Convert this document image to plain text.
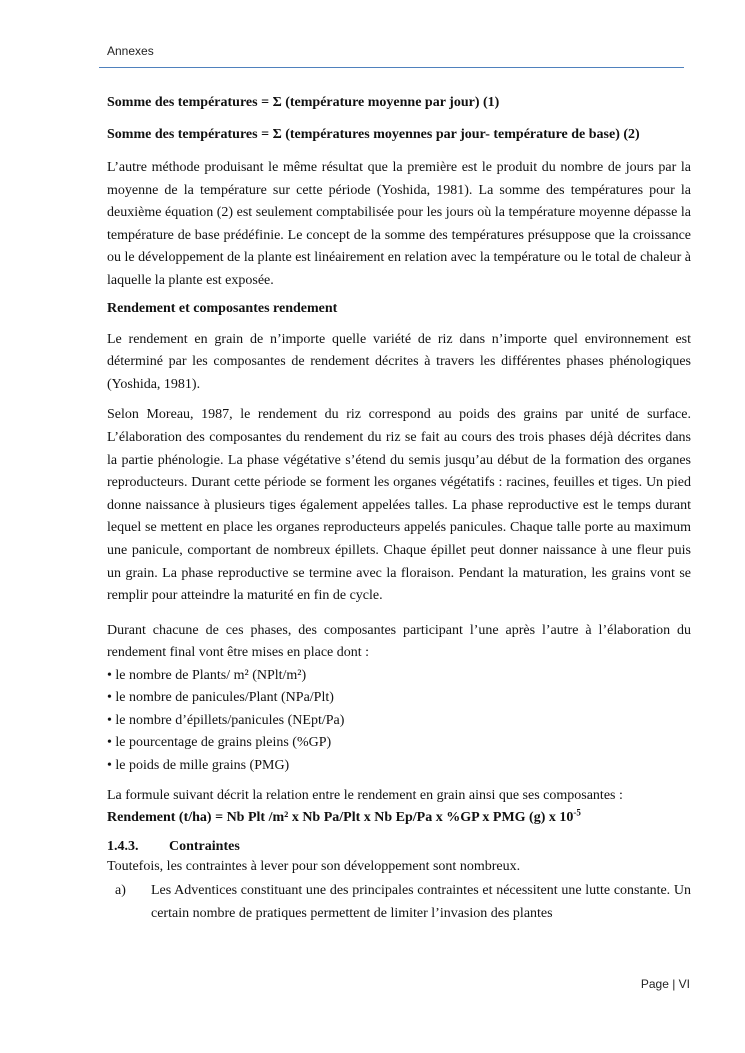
Annexes

Somme des températures = Σ (température moyenne par jour) (1)

Somme des températures = Σ (températures moyennes par jour- température de base) (2)

L’autre méthode produisant le même résultat que la première est le produit du nombre de jours par la moyenne de la température sur cette période (Yoshida, 1981). La somme des températures pour la deuxième équation (2) est seulement comptabilisée pour les jours où la température moyenne dépasse la température de base prédéfinie. Le concept de la somme des températures présuppose que la croissance ou le développement de la plante est linéairement en relation avec la température ou le total de chaleur à laquelle la plante est exposée.

Rendement et composantes rendement

Le rendement en grain de n’importe quelle variété de riz dans n’importe quel environnement est déterminé par les composantes de rendement décrites à travers les différentes phases phénologiques (Yoshida, 1981).

Selon Moreau, 1987, le rendement du riz correspond au poids des grains par unité de surface. L’élaboration des composantes du rendement du riz se fait au cours des trois phases déjà décrites dans la partie phénologie. La phase végétative s’étend du semis jusqu’au début de la formation des organes reproducteurs. Durant cette période se forment les organes végétatifs : racines, feuilles et tiges. Un pied donne naissance à plusieurs tiges également appelées talles. La phase reproductive est le temps durant lequel se mettent en place les organes reproducteurs appelés panicules. Chaque talle porte au maximum une panicule, comportant de nombreux épillets. Chaque épillet peut donner naissance à une fleur puis un grain. La phase reproductive se termine avec la floraison. Pendant la maturation, les grains vont se remplir pour atteindre la maturité en fin de cycle.

Durant chacune de ces phases, des composantes participant l’une après l’autre à l’élaboration du rendement final vont être mises en place dont :

• le nombre de Plants/ m² (NPlt/m²)
• le nombre de panicules/Plant (NPa/Plt)
• le nombre d’épillets/panicules (NEpt/Pa)
• le pourcentage de grains pleins (%GP)
• le poids de mille grains (PMG)

La formule suivant décrit la relation entre le rendement en grain ainsi que ses composantes :

Rendement (t/ha) = Nb Plt /m² x Nb Pa/Plt x Nb Ep/Pa x %GP x PMG (g) x $10^{-5}$

1.4.3. Contraintes

Toutefois, les contraintes à lever pour son développement sont nombreux.

a)	Les Adventices constituant une des principales contraintes et nécessitent une lutte constante. Un certain nombre de pratiques permettent de limiter l’invasion des plantes
Page | VI
